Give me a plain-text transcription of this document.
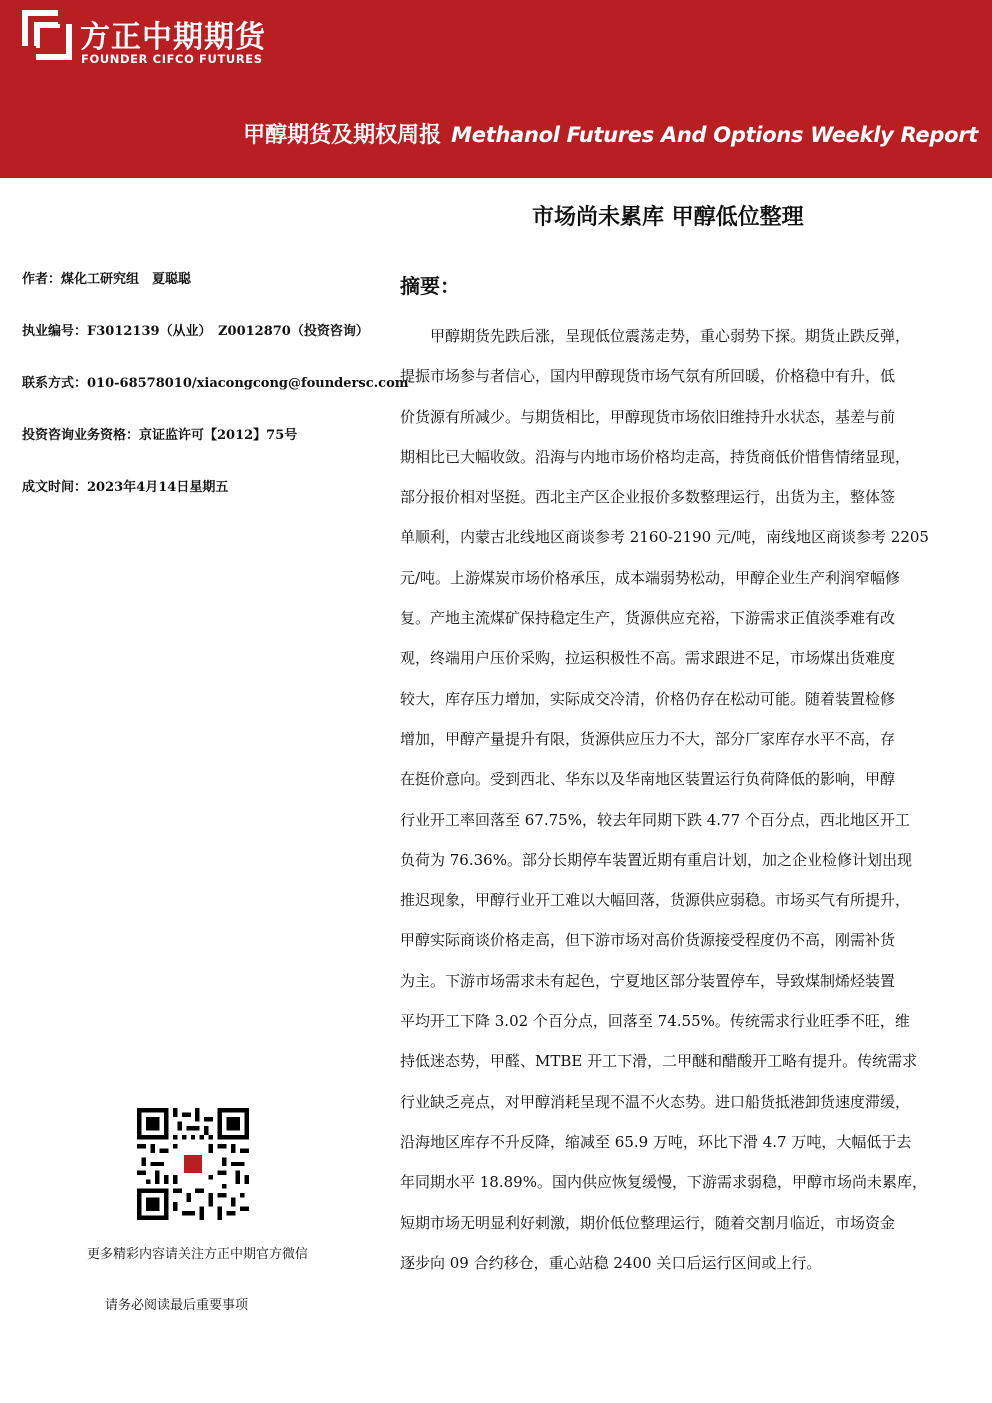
方正中期期货
FOUNDER CIFCO FUTURES
甲醇期货及期权周报 Methanol Futures And Options Weekly Report
市场尚未累库 甲醇低位整理
作者：煤化工研究组　夏聪聪
执业编号：F3012139（从业）　Z0012870（投资咨询）
联系方式：010-68578010/xiacongcong@foundersc.com
投资咨询业务资格：京证监许可【2012】75号
成文时间：2023年4月14日星期五
摘要：
　　甲醇期货先跌后涨，呈现低位震荡走势，重心弱势下探。期货止跌反弹，
提振市场参与者信心，国内甲醇现货市场气氛有所回暖，价格稳中有升，低
价货源有所减少。与期货相比，甲醇现货市场依旧维持升水状态，基差与前
期相比已大幅收敛。沿海与内地市场价格均走高，持货商低价惜售情绪显现，
部分报价相对坚挺。西北主产区企业报价多数整理运行，出货为主，整体签
单顺利，内蒙古北线地区商谈参考 2160-2190 元/吨，南线地区商谈参考 2205
元/吨。上游煤炭市场价格承压，成本端弱势松动，甲醇企业生产利润窄幅修
复。产地主流煤矿保持稳定生产，货源供应充裕，下游需求正值淡季难有改
观，终端用户压价采购，拉运积极性不高。需求跟进不足，市场煤出货难度
较大，库存压力增加，实际成交冷清，价格仍存在松动可能。随着装置检修
增加，甲醇产量提升有限，货源供应压力不大，部分厂家库存水平不高，存
在挺价意向。受到西北、华东以及华南地区装置运行负荷降低的影响，甲醇
行业开工率回落至 67.75%，较去年同期下跌 4.77 个百分点，西北地区开工
负荷为 76.36%。部分长期停车装置近期有重启计划，加之企业检修计划出现
推迟现象，甲醇行业开工难以大幅回落，货源供应弱稳。市场买气有所提升，
甲醇实际商谈价格走高，但下游市场对高价货源接受程度仍不高，刚需补货
为主。下游市场需求未有起色，宁夏地区部分装置停车，导致煤制烯烃装置
平均开工下降 3.02 个百分点，回落至 74.55%。传统需求行业旺季不旺，维
持低迷态势，甲醛、MTBE 开工下滑，二甲醚和醋酸开工略有提升。传统需求
行业缺乏亮点，对甲醇消耗呈现不温不火态势。进口船货抵港卸货速度滞缓，
沿海地区库存不升反降，缩减至 65.9 万吨，环比下滑 4.7 万吨，大幅低于去
年同期水平 18.89%。国内供应恢复缓慢，下游需求弱稳，甲醇市场尚未累库，
短期市场无明显利好刺激，期价低位整理运行，随着交割月临近，市场资金
逐步向 09 合约移仓，重心站稳 2400 关口后运行区间或上行。
更多精彩内容请关注方正中期官方微信
请务必阅读最后重要事项
